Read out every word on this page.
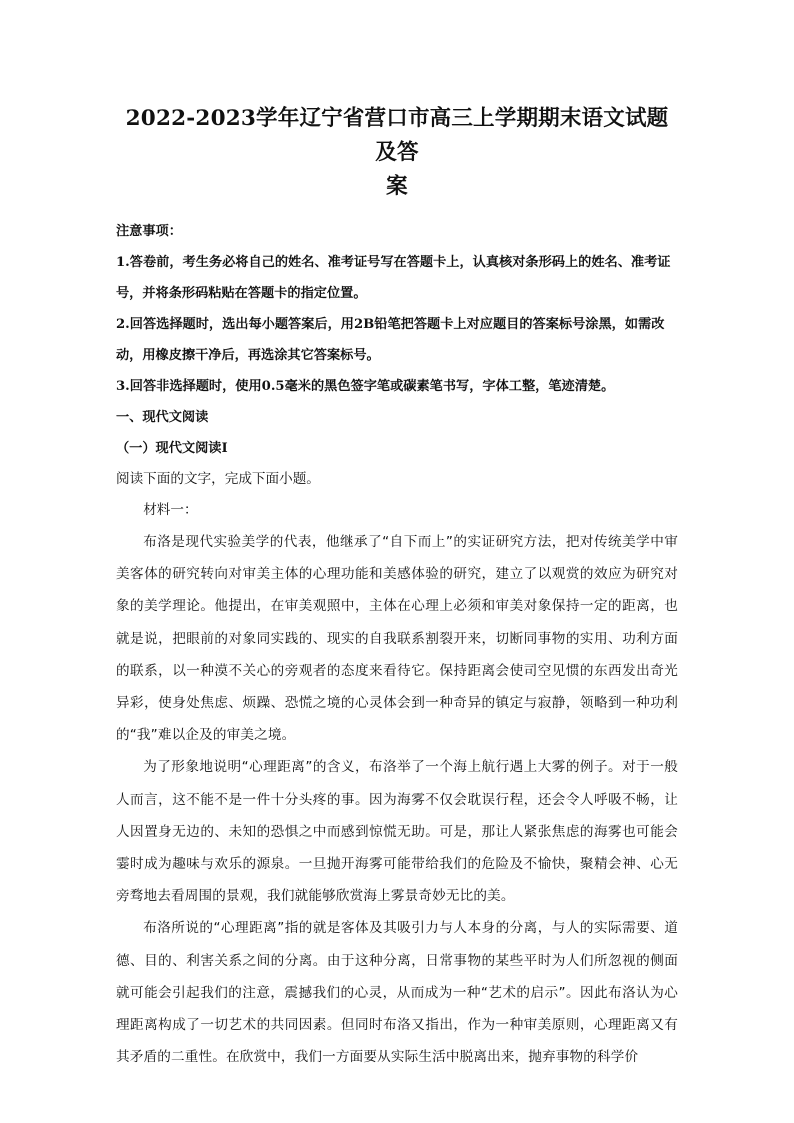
2022-2023学年辽宁省营口市高三上学期期末语文试题及答
案

注意事项：

1.答卷前，考生务必将自己的姓名、准考证号写在答题卡上，认真核对条形码上的姓名、准考证号，并将条形码粘贴在答题卡的指定位置。

2.回答选择题时，选出每小题答案后，用2B铅笔把答题卡上对应题目的答案标号涂黑，如需改动，用橡皮擦干净后，再选涂其它答案标号。

3.回答非选择题时，使用0.5毫米的黑色签字笔或碳素笔书写，字体工整，笔迹清楚。

一、现代文阅读

（一）现代文阅读Ⅰ

阅读下面的文字，完成下面小题。

材料一：

布洛是现代实验美学的代表，他继承了“自下而上”的实证研究方法，把对传统美学中审美客体的研究转向对审美主体的心理功能和美感体验的研究，建立了以观赏的效应为研究对象的美学理论。他提出，在审美观照中，主体在心理上必须和审美对象保持一定的距离，也就是说，把眼前的对象同实践的、现实的自我联系割裂开来，切断同事物的实用、功利方面的联系，以一种漠不关心的旁观者的态度来看待它。保持距离会使司空见惯的东西发出奇光异彩，使身处焦虑、烦躁、恐慌之境的心灵体会到一种奇异的镇定与寂静，领略到一种功利的“我”难以企及的审美之境。

为了形象地说明“心理距离”的含义，布洛举了一个海上航行遇上大雾的例子。对于一般人而言，这不能不是一件十分头疼的事。因为海雾不仅会耽误行程，还会令人呼吸不畅，让人因置身无边的、未知的恐惧之中而感到惊慌无助。可是，那让人紧张焦虑的海雾也可能会霎时成为趣味与欢乐的源泉。一旦抛开海雾可能带给我们的危险及不愉快，聚精会神、心无旁骛地去看周围的景观，我们就能够欣赏海上雾景奇妙无比的美。

布洛所说的“心理距离”指的就是客体及其吸引力与人本身的分离，与人的实际需要、道德、目的、利害关系之间的分离。由于这种分离，日常事物的某些平时为人们所忽视的侧面就可能会引起我们的注意，震撼我们的心灵，从而成为一种“艺术的启示”。因此布洛认为心理距离构成了一切艺术的共同因素。但同时布洛又指出，作为一种审美原则，心理距离又有其矛盾的二重性。在欣赏中，我们一方面要从实际生活中脱离出来，抛弃事物的科学价
